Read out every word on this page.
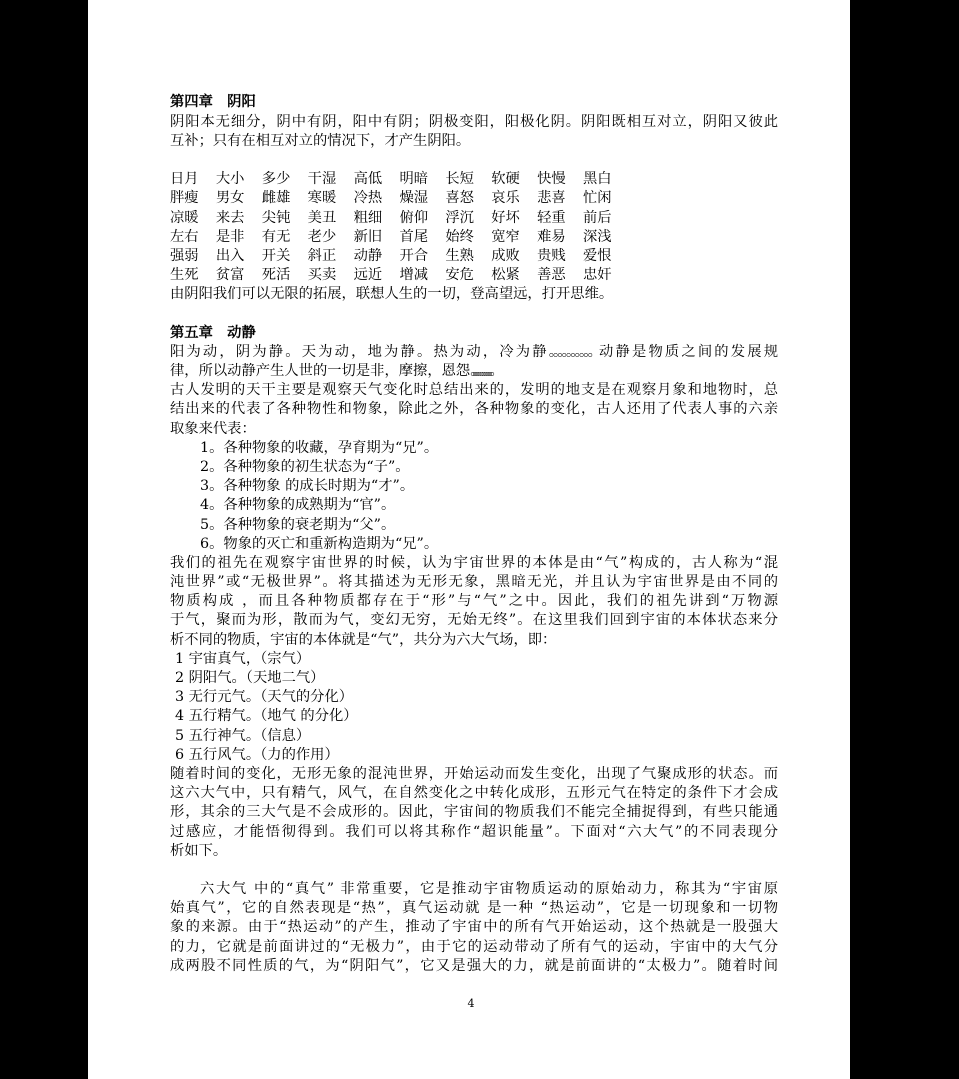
第四章　阴阳
阴阳本无细分，阴中有阴，阳中有阴；阴极变阳，阳极化阴。阴阳既相互对立，阴阳又彼此
互补；只有在相互对立的情况下，才产生阴阳。
日月 大小 多少 干湿 高低 明暗 长短 软硬 快慢 黑白
胖瘦 男女 雌雄 寒暖 冷热 燥湿 喜怒 哀乐 悲喜 忙闲
凉暖 来去 尖钝 美丑 粗细 俯仰 浮沉 好坏 轻重 前后
左右 是非 有无 老少 新旧 首尾 始终 宽窄 难易 深浅
强弱 出入 开关 斜正 动静 开合 生熟 成败 贵贱 爱恨
生死 贫富 死活 买卖 远近 增减 安危 松紧 善恶 忠奸
由阴阳我们可以无限的拓展，联想人生的一切，登高望远，打开思维。
第五章　动静
阳为动，阴为静。天为动，地为静。热为动，冷为静。。。。。。。。。。动静是物质之间的发展规
律，所以动静产生人世的一切是非，摩擦，恩怨。。。。。。。。。。
古人发明的天干主要是观察天气变化时总结出来的，发明的地支是在观察月象和地物时，总
结出来的代表了各种物性和物象，除此之外，各种物象的变化，古人还用了代表人事的六亲
取象来代表：
1。各种物象的收藏，孕育期为“兄”。
2。各种物象的初生状态为“子”。
3。各种物象 的成长时期为“才”。
4。各种物象的成熟期为“官”。
5。各种物象的衰老期为“父”。
6。物象的灭亡和重新构造期为“兄”。
我们的祖先在观察宇宙世界的时候，认为宇宙世界的本体是由“气”构成的，古人称为“混
沌世界”或“无极世界”。将其描述为无形无象，黑暗无光，并且认为宇宙世界是由不同的
物质构成 ，而且各种物质都存在于“形”与“气”之中。因此，我们的祖先讲到“万物源
于气，聚而为形，散而为气，变幻无穷，无始无终”。在这里我们回到宇宙的本体状态来分
析不同的物质，宇宙的本体就是“气”，共分为六大气场，即：
1 宇宙真气，（宗气）
2 阴阳气。（天地二气）
3 无行元气。（天气的分化）
4 五行精气。（地气 的分化）
5 五行神气。（信息）
6 五行风气。（力的作用）
随着时间的变化，无形无象的混沌世界，开始运动而发生变化，出现了气聚成形的状态。而
这六大气中，只有精气，风气，在自然变化之中转化成形，五形元气在特定的条件下才会成
形，其余的三大气是不会成形的。因此，宇宙间的物质我们不能完全捕捉得到，有些只能通
过感应，才能悟彻得到。我们可以将其称作“超识能量”。下面对“六大气”的不同表现分
析如下。
六大气 中的“真气” 非常重要，它是推动宇宙物质运动的原始动力，称其为“宇宙原
始真气”，它的自然表现是“热”，真气运动就 是一种 “热运动”，它是一切现象和一切物
象的来源。由于“热运动”的产生，推动了宇宙中的所有气开始运动，这个热就是一股强大
的力，它就是前面讲过的“无极力”，由于它的运动带动了所有气的运动，宇宙中的大气分
成两股不同性质的气，为“阴阳气”，它又是强大的力，就是前面讲的“太极力”。随着时间
4
